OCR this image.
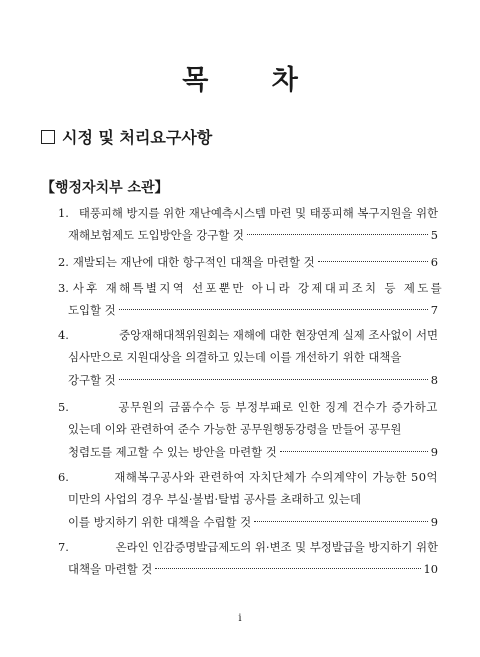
목 차
시정 및 처리요구사항
【행정자치부 소관】
1. 태풍피해 방지를 위한 재난예측시스템 마련 및 태풍피해 복구지원을 위한
재해보험제도 도입방안을 강구할 것	5
2. 재발되는 재난에 대한 항구적인 대책을 마련할 것	6
3. 사후 재해특별지역 선포뿐만 아니라 강제대피조치 등 제도를
도입할 것	7
4.	중앙재해대책위원회는 재해에 대한 현장연계 실제 조사없이 서면
심사만으로 지원대상을 의결하고 있는데 이를 개선하기 위한 대책을
강구할 것	8
5.	공무원의 금품수수 등 부정부패로 인한 징계 건수가 증가하고
있는데 이와 관련하여 준수 가능한 공무원행동강령을 만들어 공무원
청렴도를 제고할 수 있는 방안을 마련할 것	9
6.	재해복구공사와 관련하여 자치단체가 수의계약이 가능한 50억
미만의 사업의 경우 부실·불법·탈법 공사를 초래하고 있는데
이를 방지하기 위한 대책을 수립할 것	9
7.	온라인 인감증명발급제도의 위·변조 및 부정발급을 방지하기 위한
대책을 마련할 것	10
i
